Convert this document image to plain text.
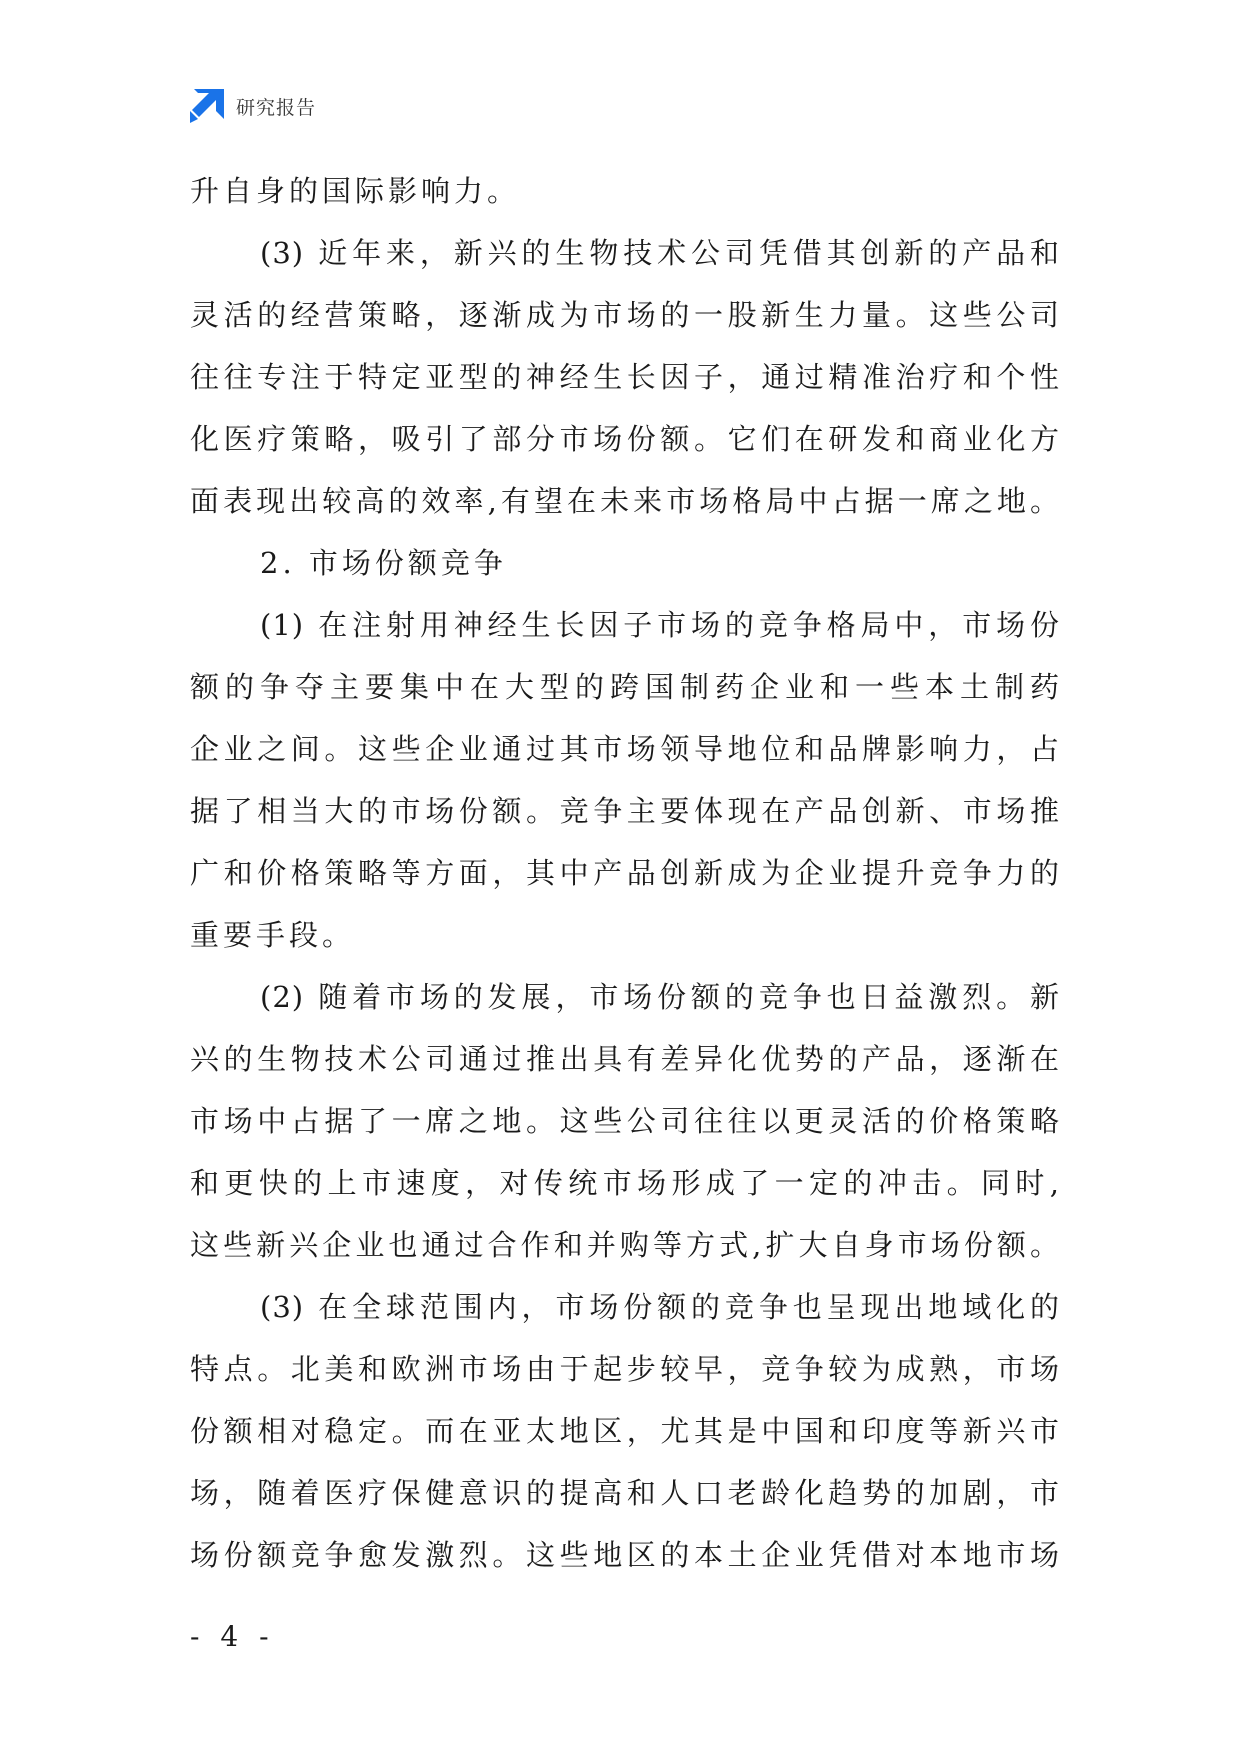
研究报告
升自身的国际影响力。
(3) 近年来，新兴的生物技术公司凭借其创新的产品和
灵活的经营策略，逐渐成为市场的一股新生力量。这些公司
往往专注于特定亚型的神经生长因子，通过精准治疗和个性
化医疗策略，吸引了部分市场份额。它们在研发和商业化方
面表现出较高的效率,有望在未来市场格局中占据一席之地。
2. 市场份额竞争
(1) 在注射用神经生长因子市场的竞争格局中，市场份
额的争夺主要集中在大型的跨国制药企业和一些本土制药
企业之间。这些企业通过其市场领导地位和品牌影响力，占
据了相当大的市场份额。竞争主要体现在产品创新、市场推
广和价格策略等方面，其中产品创新成为企业提升竞争力的
重要手段。
(2) 随着市场的发展，市场份额的竞争也日益激烈。新
兴的生物技术公司通过推出具有差异化优势的产品，逐渐在
市场中占据了一席之地。这些公司往往以更灵活的价格策略
和更快的上市速度，对传统市场形成了一定的冲击。同时,
这些新兴企业也通过合作和并购等方式,扩大自身市场份额。
(3) 在全球范围内，市场份额的竞争也呈现出地域化的
特点。北美和欧洲市场由于起步较早，竞争较为成熟，市场
份额相对稳定。而在亚太地区，尤其是中国和印度等新兴市
场，随着医疗保健意识的提高和人口老龄化趋势的加剧，市
场份额竞争愈发激烈。这些地区的本土企业凭借对本地市场
- 4 -
